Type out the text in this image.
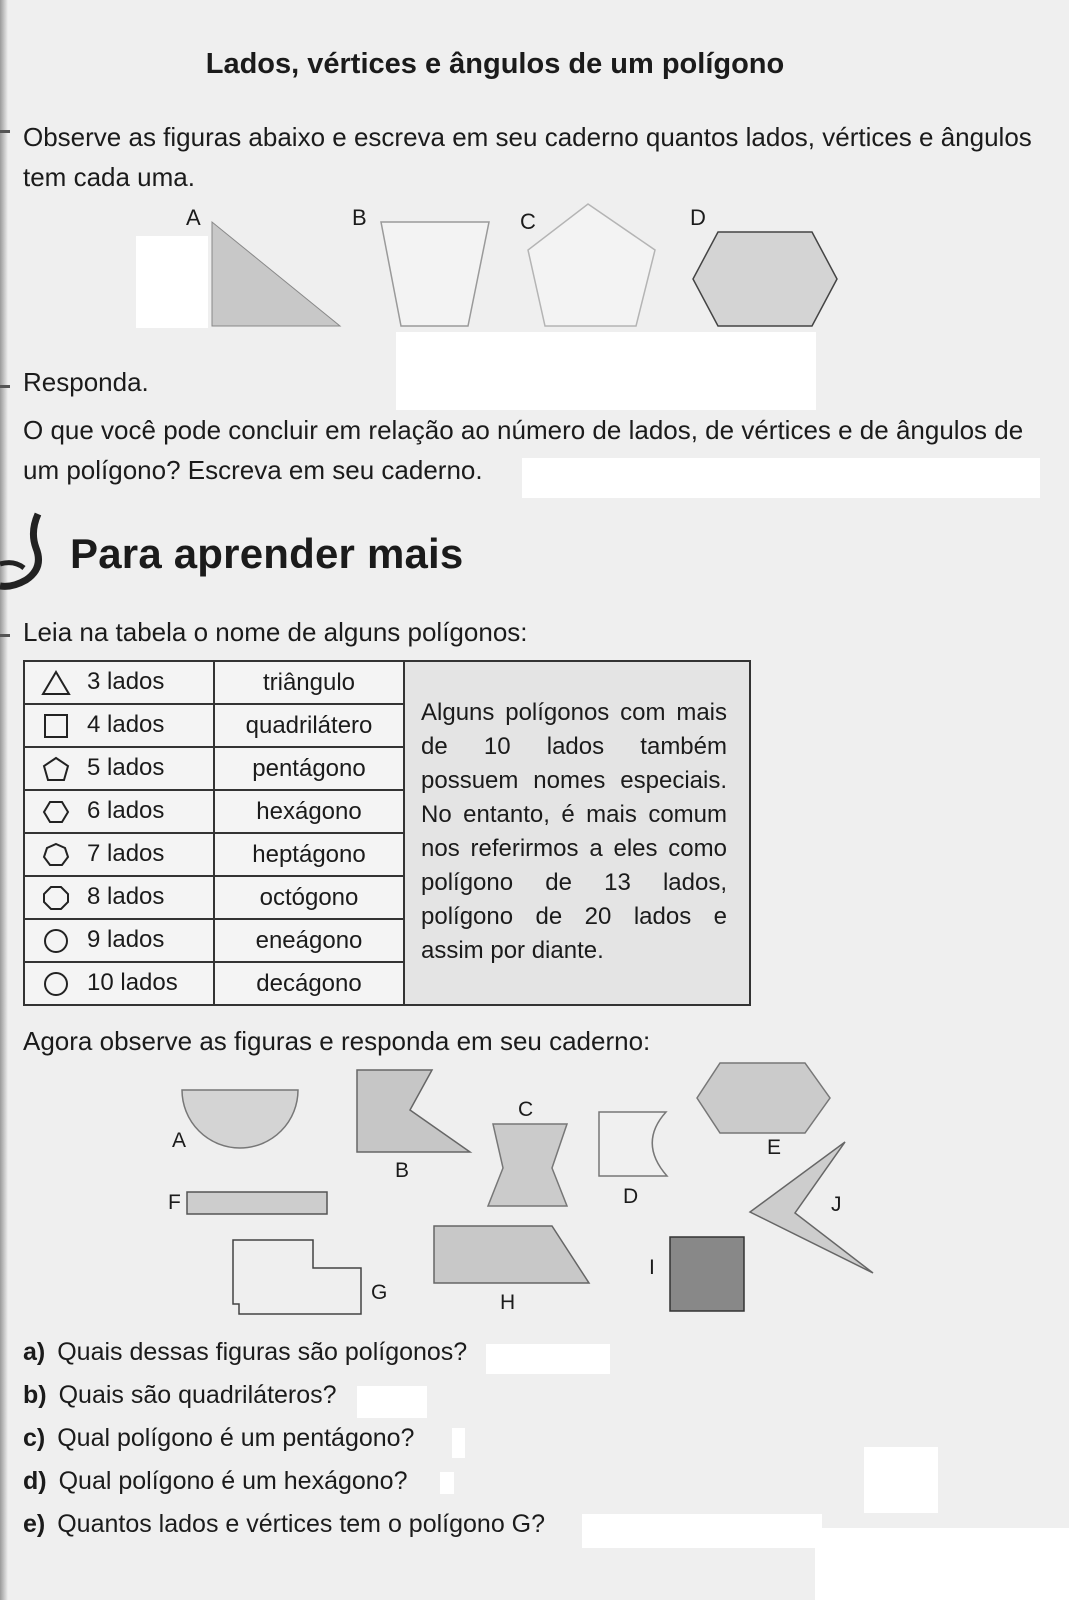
Lados, vértices e ângulos de um polígono
Observe as figuras abaixo e escreva em seu caderno quantos lados, vértices e ângulos tem cada uma.
A	B	C	D
Responda.
O que você pode concluir em relação ao número de lados, de vértices e de ângulos de um polígono? Escreva em seu caderno.
Para aprender mais
Leia na tabela o nome de alguns polígonos:
3 lados	triângulo	Alguns polígonos com mais de 10 lados também possuem nomes especiais. No entanto, é mais comum nos referirmos a eles como polígono de 13 lados, polígono de 20 lados e assim por diante.

4 lados	quadrilátero	
5 lados	pentágono	
6 lados	hexágono	
7 lados	heptágono	
8 lados	octógono	
9 lados	eneágono	
10 lados	decágono	
Agora observe as figuras e responda em seu caderno:
A
B
C
D
E
F
G	H
I
J
a) Quais dessas figuras são polígonos?
b) Quais são quadriláteros?
c) Qual polígono é um pentágono?
d) Qual polígono é um hexágono?
e) Quantos lados e vértices tem o polígono G?
